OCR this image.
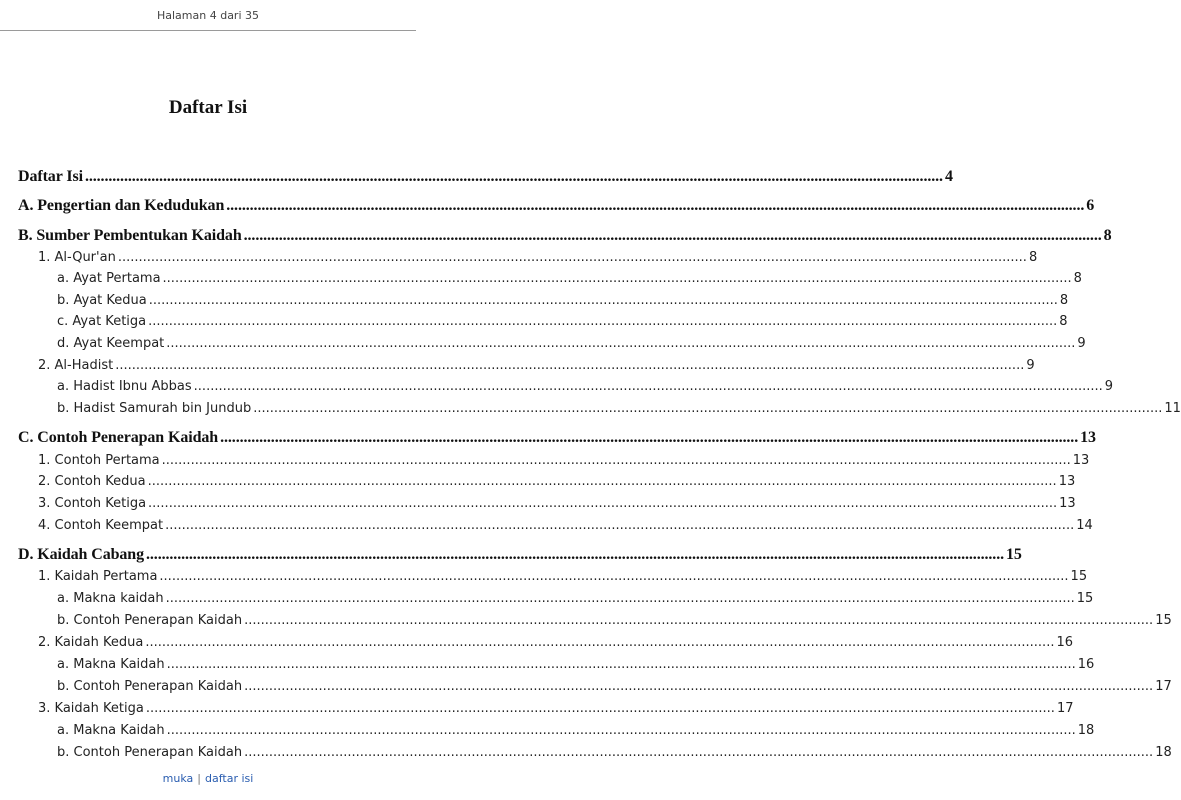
Halaman 4 dari 35
Daftar Isi
Daftar Isi ............................................................................................................................................................................................................................ 4
A. Pengertian dan Kedudukan ............................................................................................................................................................................................................................ 6
B. Sumber Pembentukan Kaidah ............................................................................................................................................................................................................................ 8
1. Al-Qur'an ............................................................................................................................................................................................................................ 8
a. Ayat Pertama ............................................................................................................................................................................................................................ 8
b. Ayat Kedua ............................................................................................................................................................................................................................ 8
c. Ayat Ketiga ............................................................................................................................................................................................................................ 8
d. Ayat Keempat ............................................................................................................................................................................................................................ 9
2. Al-Hadist ............................................................................................................................................................................................................................ 9
a. Hadist Ibnu Abbas ............................................................................................................................................................................................................................ 9
b. Hadist Samurah bin Jundub ............................................................................................................................................................................................................................ 11
C. Contoh Penerapan Kaidah ............................................................................................................................................................................................................................ 13
1. Contoh Pertama ............................................................................................................................................................................................................................ 13
2. Contoh Kedua ............................................................................................................................................................................................................................ 13
3. Contoh Ketiga ............................................................................................................................................................................................................................ 13
4. Contoh Keempat ............................................................................................................................................................................................................................ 14
D. Kaidah Cabang ............................................................................................................................................................................................................................ 15
1. Kaidah Pertama ............................................................................................................................................................................................................................ 15
a. Makna kaidah ............................................................................................................................................................................................................................ 15
b. Contoh Penerapan Kaidah ............................................................................................................................................................................................................................ 15
2. Kaidah Kedua ............................................................................................................................................................................................................................ 16
a. Makna Kaidah ............................................................................................................................................................................................................................ 16
b. Contoh Penerapan Kaidah ............................................................................................................................................................................................................................ 17
3. Kaidah Ketiga ............................................................................................................................................................................................................................ 17
a. Makna Kaidah ............................................................................................................................................................................................................................ 18
b. Contoh Penerapan Kaidah ............................................................................................................................................................................................................................ 18
muka | daftar isi
